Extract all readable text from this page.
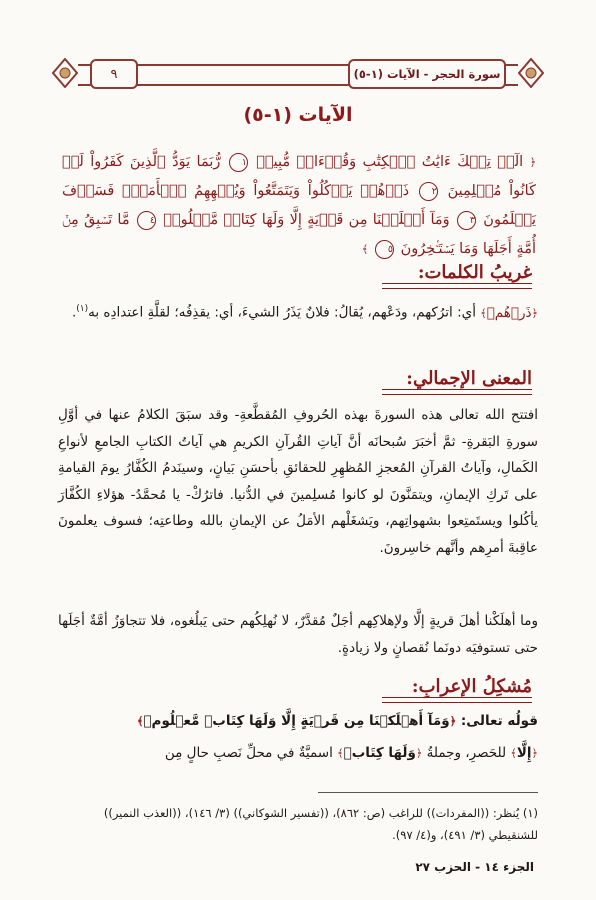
٩	سورة الحجر - الآيات (١-٥)
الآيات (١-٥)
﴿ الٓرۚ تِلۡكَ ءَايَٰتُ ٱلۡكِتَٰبِ وَقُرۡءَانٖ مُّبِينٖ ١ رُّبَمَا يَوَدُّ ٱلَّذِينَ كَفَرُواْ لَوۡ كَانُواْ مُسۡلِمِينَ ٢ ذَرۡهُمۡ يَأۡكُلُواْ وَيَتَمَتَّعُواْ وَيُلۡهِهِمُ ٱلۡأَمَلُۖ فَسَوۡفَ يَعۡلَمُونَ ٣ وَمَآ أَهۡلَكۡنَا مِن قَرۡيَةٍ إِلَّا وَلَهَا كِتَابٞ مَّعۡلُومٞ ٤ مَّا تَسۡبِقُ مِنۡ أُمَّةٍ أَجَلَهَا وَمَا يَسۡتَـٔۡخِرُونَ ٥ ﴾
غريبُ الكلمات:
﴿ذَرۡهُمۡ﴾ أي: اترُكهم، ودَعْهم، يُقالُ: فلانٌ يَذَرُ الشيءَ، أي: يقذِفُه؛ لقلَّةِ اعتدادِه به$^{(١)}$.
المعنى الإجمالي:
افتتح الله تعالى هذه السورةَ بهذه الحُروفِ المُقطَّعةِ- وقد سبَقَ الكلامُ عنها في أوَّلِ سورةِ البَقرةِ- ثمَّ أخبَرَ سُبحانَه أنَّ آياتِ القُرآنِ الكريمِ هي آياتُ الكتابِ الجامعِ لأنواعِ الكَمالِ، وآياتُ القرآنِ المُعجزِ المُظهِرِ للحقائقِ بأحسَنِ بَيانٍ، وسينَدمُ الكُفَّارُ يومَ القيامةِ على تَركِ الإيمانِ، ويتمَنَّونَ لو كانوا مُسلِمينَ في الدُّنيا. فاترُكْ- يا مُحمَّدُ- هؤلاءِ الكُفَّارَ يأكُلوا ويستَمتِعوا بشهواتِهم، ويَشغَلْهم الأمَلُ عن الإيمانِ بالله وطاعتِه؛ فسوف يعلمونَ عاقِبةَ أمرِهم وأنَّهم خاسِرونَ.
وما أهلَكْنا أهلَ قريةٍ إلَّا ولإهلاكِهم أجَلٌ مُقدَّرٌ، لا نُهلِكُهم حتى يَبلُغوه، فلا تتجاوَزُ أمَّةٌ أجَلَها حتى تستوفيَه دونَما نُقصانٍ ولا زيادةٍ.
مُشكِلُ الإعرابِ:
قولُه تعالى: ﴿وَمَآ أَهۡلَكۡنَا مِن قَرۡيَةٍ إِلَّا وَلَهَا كِتَابٞ مَّعۡلُومٞ﴾
﴿إِلَّا﴾ للحَصرِ، وجملةُ ﴿وَلَهَا كِتَابٞ﴾ اسميَّةٌ في محلِّ نَصبِ حالٍ مِن
(١) يُنظر: ((المفردات)) للراغب (ص: ٨٦٢)، ((تفسير الشوكاني)) (٣/ ١٤٦)، ((العذب النمير))
للشنقيطي (٣/ ٤٩١)، و(٤/ ٩٧).
الجزء ١٤ - الحزب ٢٧
